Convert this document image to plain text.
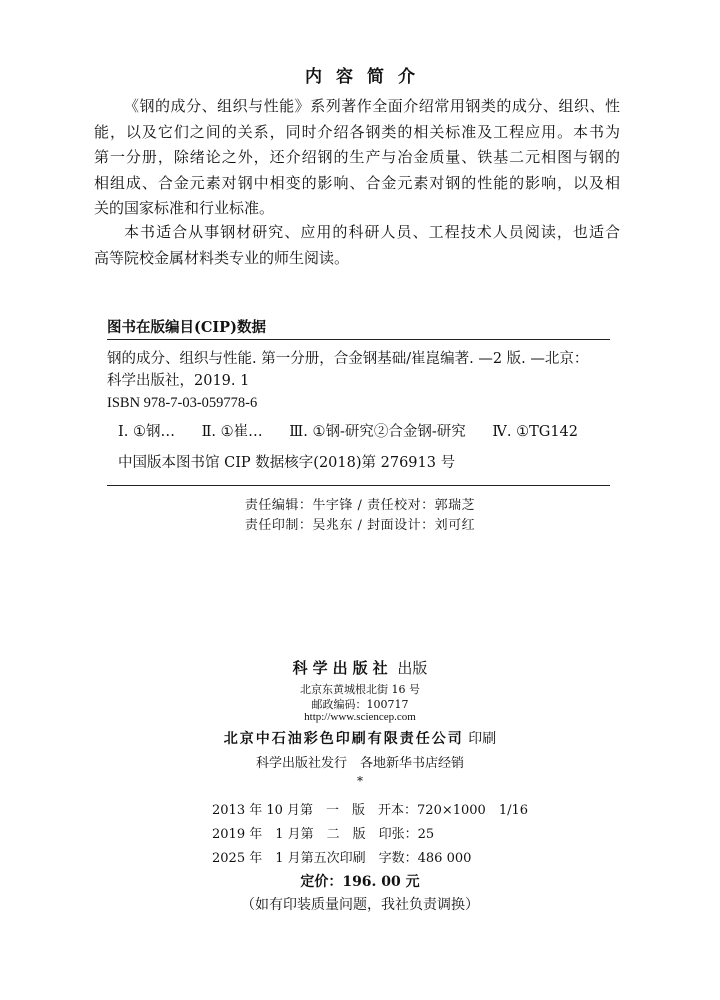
内容简介
《钢的成分、组织与性能》系列著作全面介绍常用钢类的成分、组织、性
能，以及它们之间的关系，同时介绍各钢类的相关标准及工程应用。本书为
第一分册，除绪论之外，还介绍钢的生产与冶金质量、铁基二元相图与钢的
相组成、合金元素对钢中相变的影响、合金元素对钢的性能的影响，以及相
关的国家标准和行业标准。
本书适合从事钢材研究、应用的科研人员、工程技术人员阅读，也适合
高等院校金属材料类专业的师生阅读。
图书在版编目(CIP)数据
钢的成分、组织与性能. 第一分册，合金钢基础/崔崑编著. —2 版. —北京：
科学出版社，2019. 1
ISBN 978-7-03-059778-6
Ⅰ. ①钢… Ⅱ. ①崔… Ⅲ. ①钢-研究②合金钢-研究 Ⅳ. ①TG142
中国版本图书馆 CIP 数据核字(2018)第 276913 号
责任编辑：牛宇锋 / 责任校对：郭瑞芝
责任印制：吴兆东 / 封面设计：刘可红
科学出版社 出版
北京东黄城根北街 16 号
邮政编码：100717
http://www.sciencep.com
北京中石油彩色印刷有限责任公司 印刷
科学出版社发行　各地新华书店经销
*
2013 年 10 月第　一　版　开本：720×1000　1/16
2019 年　1 月第　二　版　印张：25
2025 年　1 月第五次印刷　字数：486 000
定价：196. 00 元
（如有印装质量问题，我社负责调换）
